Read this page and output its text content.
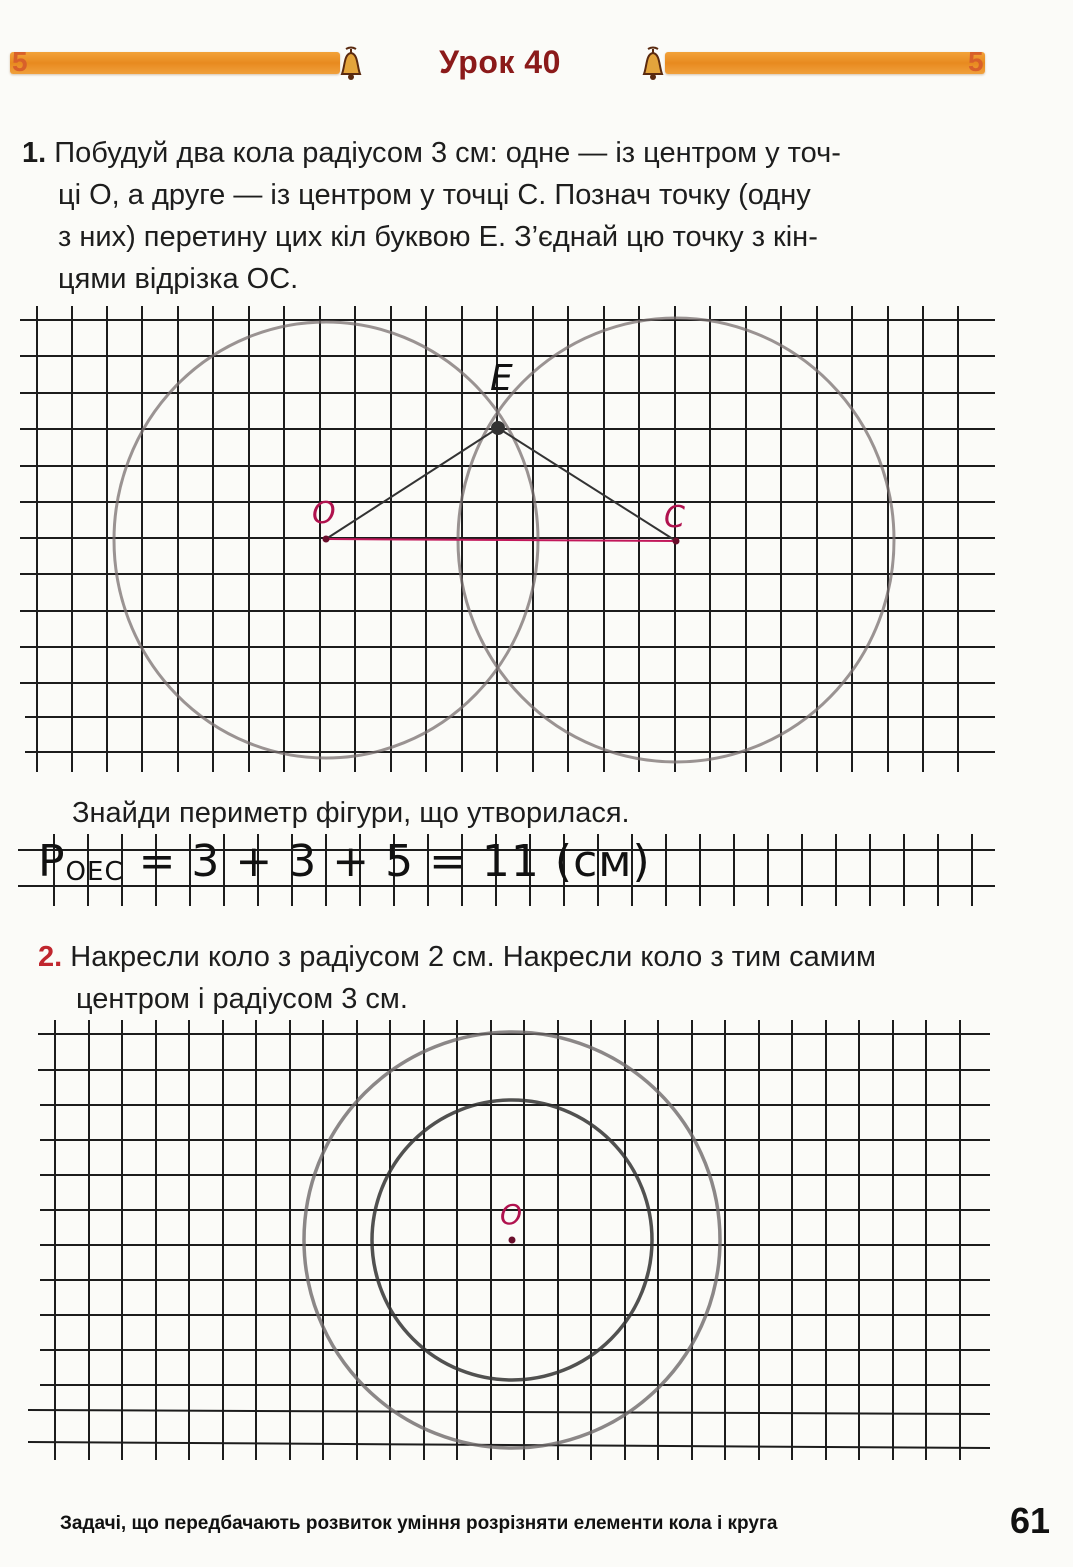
5	Урок 40	5
1. Побудуй два кола радіусом 3 см: одне — із центром у точ-
ці O, а друге — із центром у точці C. Познач точку (одну
з них) перетину цих кіл буквою E. З’єднай цю точку з кін-
цями відрізка OC.
O	C
E
Знайди периметр фігури, що утворилася.
$P_{OEC} = 3 + 3 + 5 = 11$ (см)
2. Накресли коло з радіусом 2 см. Накресли коло з тим самим
центром і радіусом 3 см.
O
Задачі, що передбачають розвиток уміння розрізняти елементи кола і круга	61
